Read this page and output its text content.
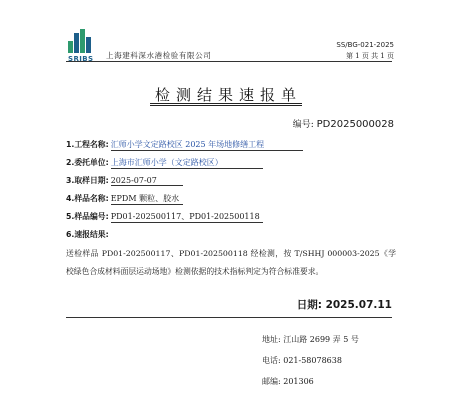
SRIBS 上海建科深水港检验有限公司
SS/BG-021-2025
第 1 页 共 1 页
检测结果速报单
编号: PD2025000028
1.工程名称: 汇师小学文定路校区 2025 年场地修缮工程
2.委托单位: 上海市汇师小学（文定路校区）
3.取样日期: 2025-07-07
4.样品名称: EPDM 颗粒、胶水
5.样品编号: PD01-202500117、PD01-202500118
6.速报结果:
送检样品 PD01-202500117、PD01-202500118 经检测，按 T/SHHJ 000003-2025《学校绿色合成材料面层运动场地》检测依据的技术指标判定为符合标准要求。
日期: 2025.07.11
地址: 江山路 2699 弄 5 号
电话: 021-58078638
邮编: 201306
